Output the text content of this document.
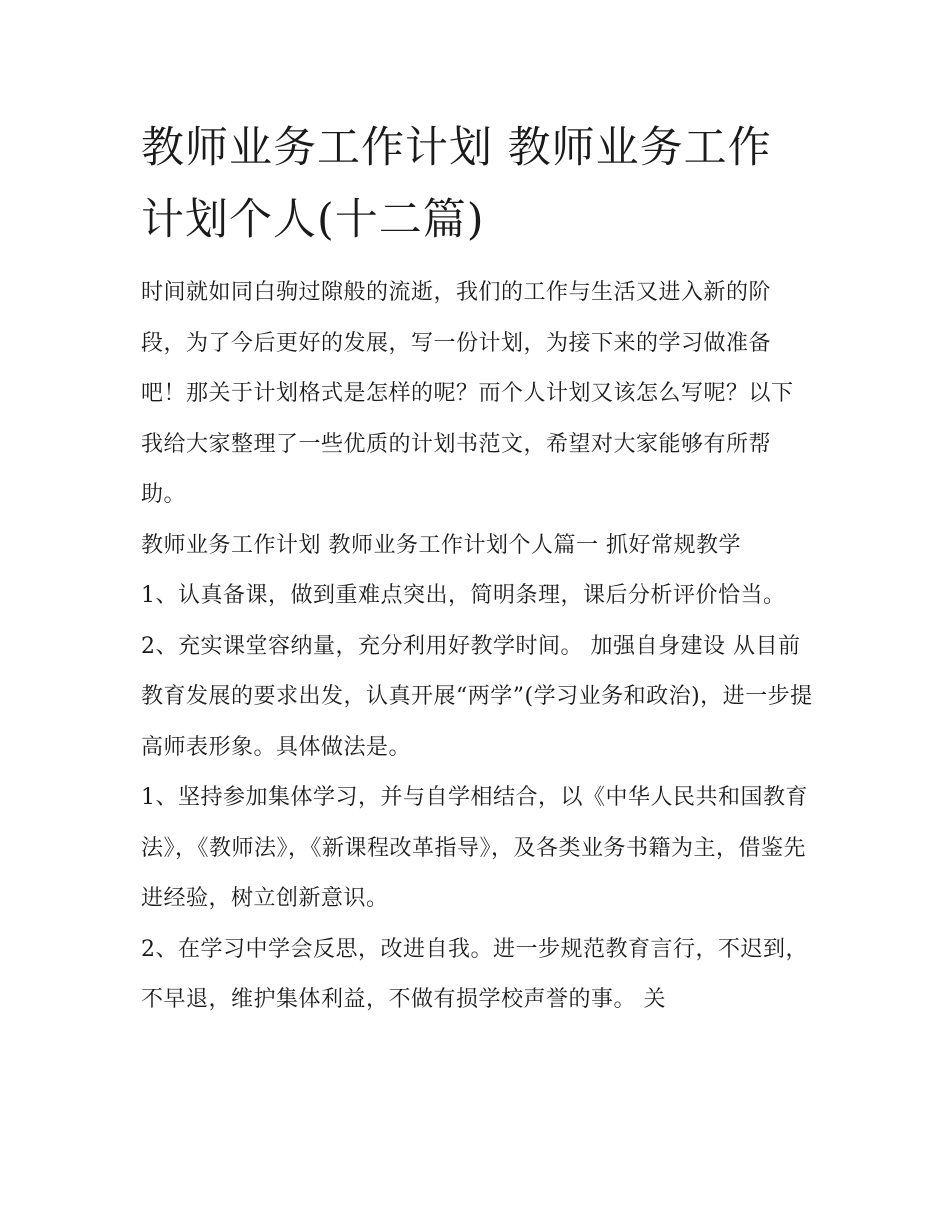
教师业务工作计划 教师业务工作计划个人(十二篇)

时间就如同白驹过隙般的流逝，我们的工作与生活又进入新的阶段，为了今后更好的发展，写一份计划，为接下来的学习做准备吧！那关于计划格式是怎样的呢？而个人计划又该怎么写呢？以下我给大家整理了一些优质的计划书范文，希望对大家能够有所帮助。

教师业务工作计划 教师业务工作计划个人篇一 抓好常规教学

1、认真备课，做到重难点突出，简明条理，课后分析评价恰当。

2、充实课堂容纳量，充分利用好教学时间。 加强自身建设 从目前教育发展的要求出发，认真开展“两学”(学习业务和政治)，进一步提高师表形象。具体做法是。

1、坚持参加集体学习，并与自学相结合，以《中华人民共和国教育法》，《教师法》，《新课程改革指导》，及各类业务书籍为主，借鉴先进经验，树立创新意识。

2、在学习中学会反思，改进自我。进一步规范教育言行，不迟到，不早退，维护集体利益，不做有损学校声誉的事。 关
